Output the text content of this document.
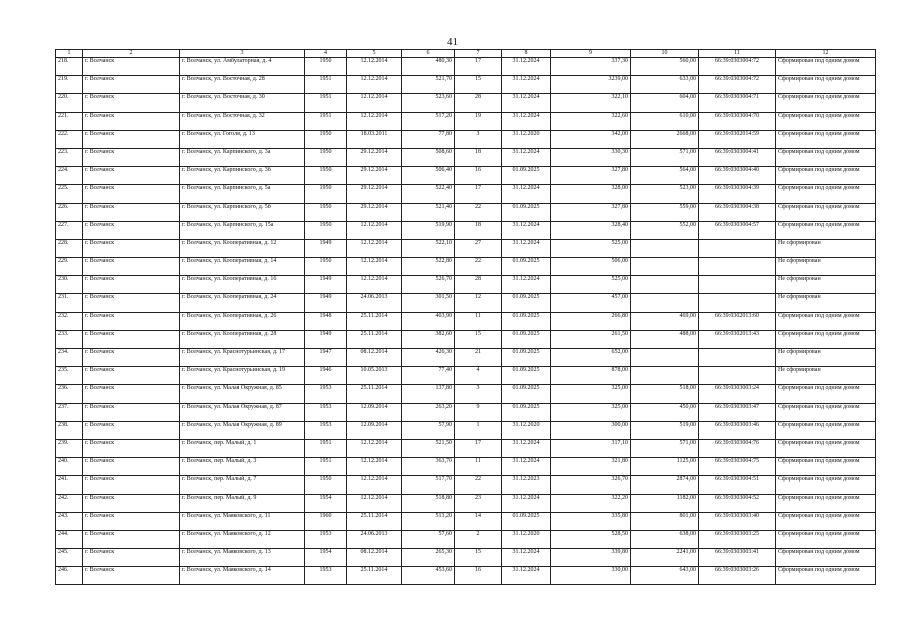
41
1	2	3	4	5	6	7	8	9	10	11	12
218.	г. Волчанск	г. Волчанск, ул. Амбулаторная, д. 4	1950	12.12.2014	480,30	17	31.12.2024	337,30	560,00	66:39:0303004:72	Сформирован под одним домом
219.	г. Волчанск	г. Волчанск, ул. Восточная, д. 28	1951	12.12.2014	521,70	15	31.12.2024	3239,00	633,00	66:39:0303004:72	Сформирован под одним домом
220.	г. Волчанск	г. Волчанск, ул. Восточная, д. 30	1951	12.12.2014	523,60	28	31.12.2024	322,10	604,00	66:39:0303004:71	Сформирован под одним домом
221.	г. Волчанск	г. Волчанск, ул. Восточная, д. 32	1951	12.12.2014	517,20	19	31.12.2024	322,60	610,00	66:39:0303004:70	Сформирован под одним домом
222.	г. Волчанск	г. Волчанск, ул. Гоголя, д. 13	1950	18.03.2011	77,80	3	31.12.2020	342,00	2668,00	66:39:0302014:59	Сформирован под одним домом
223.	г. Волчанск	г. Волчанск, ул. Карпинского, д. 3а	1950	29.12.2014	508,60	18	31.12.2024	330,30	571,00	66:39:0303004:41	Сформирован под одним домом
224.	г. Волчанск	г. Волчанск, ул. Карпинского, д. 3б	1950	29.12.2014	506,40	16	01.09.2025	327,80	564,00	66:39:0303004:40	Сформирован под одним домом
225.	г. Волчанск	г. Волчанск, ул. Карпинского, д. 5а	1950	29.12.2014	522,40	17	31.12.2024	328,00	523,00	66:39:0303004:39	Сформирован под одним домом
226.	г. Волчанск	г. Волчанск, ул. Карпинского, д. 5б	1950	29.12.2014	521,40	22	01.09.2025	327,80	559,00	66:39:0303004:38	Сформирован под одним домом
227.	г. Волчанск	г. Волчанск, ул. Карпинского, д. 15а	1950	12.12.2014	519,90	18	31.12.2024	328,40	552,00	66:39:0303004:57	Сформирован под одним домом
228.	г. Волчанск	г. Волчанск, ул. Кооперативная, д. 12	1949	12.12.2014	522,10	27	31.12.2024	525,00			Не сформирован
229.	г. Волчанск	г. Волчанск, ул. Кооперативная, д. 14	1950	12.12.2014	522,80	22	01.09.2025	506,00			Не сформирован
230.	г. Волчанск	г. Волчанск, ул. Кооперативная, д. 16	1949	12.12.2014	526,70	28	31.12.2024	525,00			Не сформирован
231.	г. Волчанск	г. Волчанск, ул. Кооперативная, д. 24	1949	24.06.2013	301,50	12	01.09.2025	457,00			Не сформирован
232.	г. Волчанск	г. Волчанск, ул. Кооперативная, д. 26	1948	25.11.2014	403,90	11	01.09.2025	266,80	469,00	66:39:0302013:60	Сформирован под одним домом
233.	г. Волчанск	г. Волчанск, ул. Кооперативная, д. 28	1949	25.11.2014	382,60	15	01.09.2025	261,50	488,00	66:39:0302013:43	Сформирован под одним домом
234.	г. Волчанск	г. Волчанск, ул. Краснотурьинская, д. 17	1947	08.12.2014	426,30	21	01.09.2025	652,00			Не сформирован
235.	г. Волчанск	г. Волчанск, ул. Краснотурьинская, д. 19	1946	10.05.2013	77,40	4	01.09.2025	878,00			Не сформирован
236.	г. Волчанск	г. Волчанск, ул. Малая Окружная, д. 85	1953	25.11.2014	137,80	3	01.09.2025	325,00	518,00	66:39:0303003:24	Сформирован под одним домом
237.	г. Волчанск	г. Волчанск, ул. Малая Окружная, д. 87	1953	12.09.2014	263,20	9	01.09.2025	325,00	450,00	66:39:0303003:47	Сформирован под одним домом
238.	г. Волчанск	г. Волчанск, ул. Малая Окружная, д. 89	1953	12.09.2014	57,90	1	31.12.2020	300,00	519,00	66:39:0303003:46	Сформирован под одним домом
239.	г. Волчанск	г. Волчанск, пер. Малый, д. 1	1951	12.12.2014	521,50	17	31.12.2024	317,10	571,00	66:39:0303004:76	Сформирован под одним домом
240.	г. Волчанск	г. Волчанск, пер. Малый, д. 3	1951	12.12.2014	363,70	11	31.12.2024	321,80	1125,00	66:39:0303004:75	Сформирован под одним домом
241.	г. Волчанск	г. Волчанск, пер. Малый, д. 7	1950	12.12.2014	517,70	22	31.12.2023	326,70	2874,00	66:39:0303004:51	Сформирован под одним домом
242.	г. Волчанск	г. Волчанск, пер. Малый, д. 9	1954	12.12.2014	518,80	23	31.12.2024	322,20	1182,00	66:39:0303004:52	Сформирован под одним домом
243.	г. Волчанск	г. Волчанск, ул. Маяковского, д. 11	1960	25.11.2014	513,20	14	01.09.2025	335,80	801,00	66:39:0303003:40	Сформирован под одним домом
244.	г. Волчанск	г. Волчанск, ул. Маяковского, д. 12	1953	24.06.2013	57,60	2	31.12.2020	528,50	638,00	66:39:0303003:25	Сформирован под одним домом
245.	г. Волчанск	г. Волчанск, ул. Маяковского, д. 13	1954	08.12.2014	265,30	15	31.12.2024	339,80	2241,00	66:39:0303003:41	Сформирован под одним домом
246.	г. Волчанск	г. Волчанск, ул. Маяковского, д. 14	1953	25.11.2014	453,60	16	31.12.2024	330,00	643,00	66:39:0303003:26	Сформирован под одним домом
